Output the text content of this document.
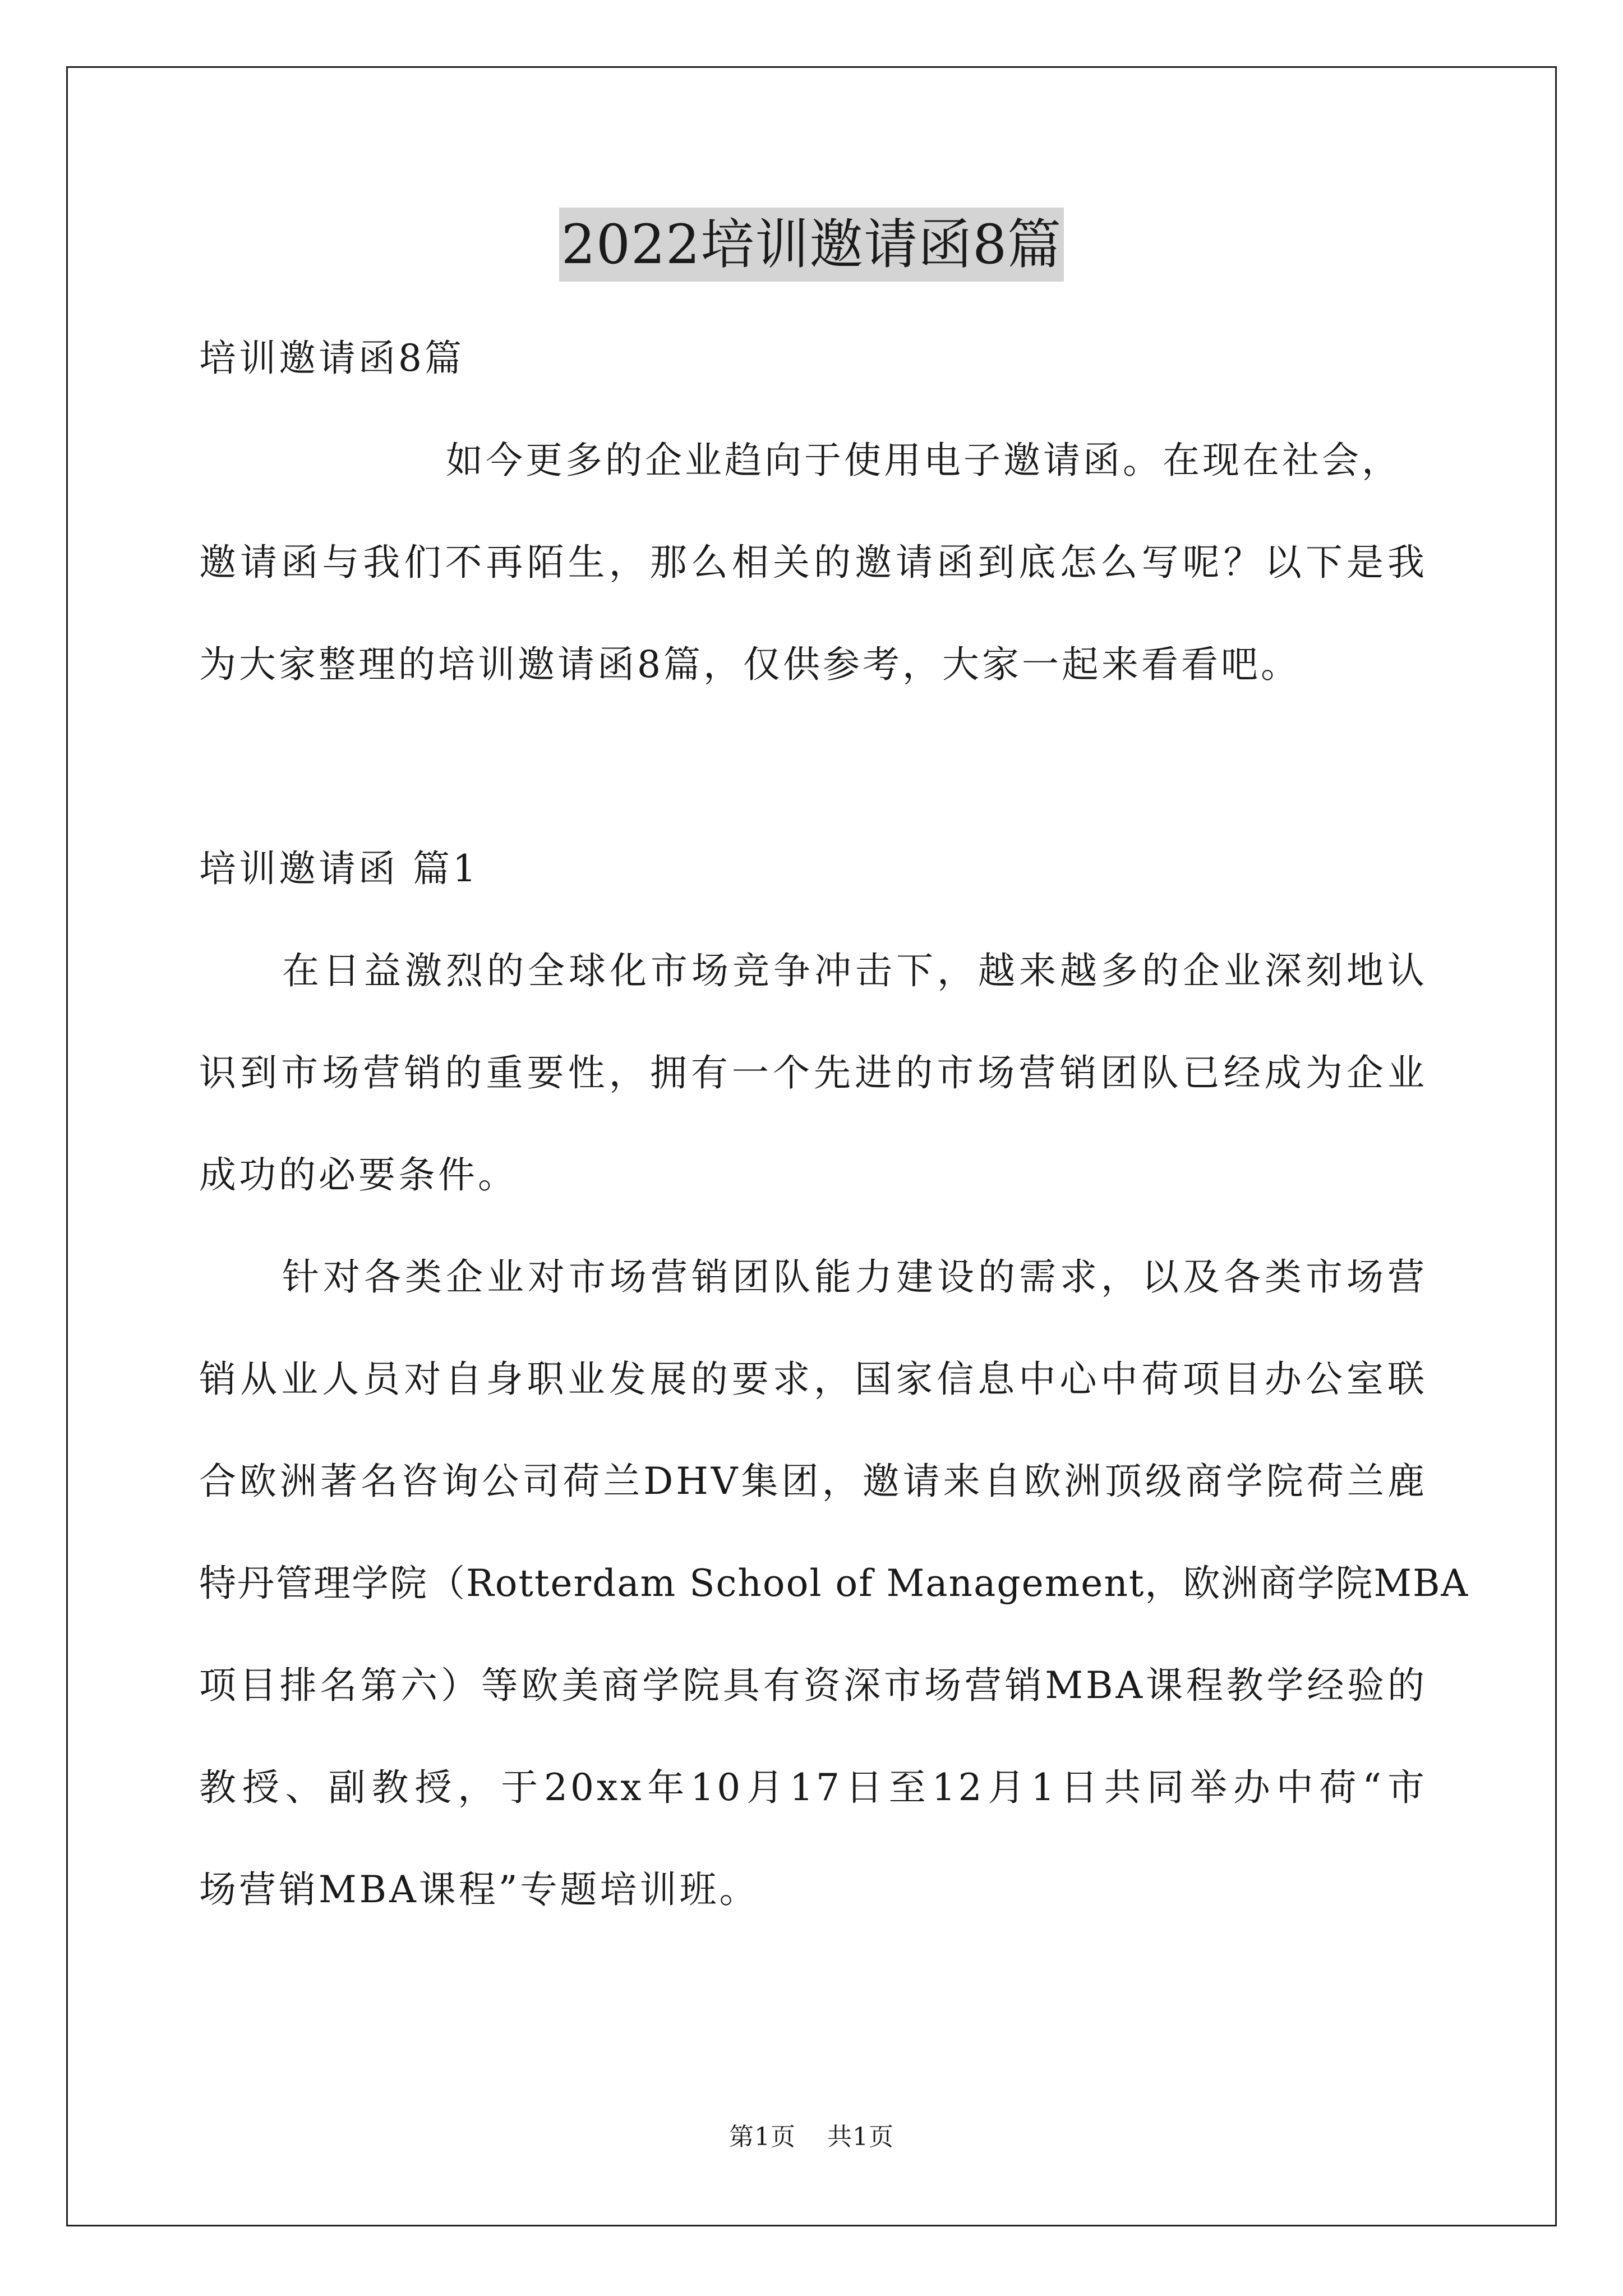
2022培训邀请函8篇
培训邀请函8篇
如今更多的企业趋向于使用电子邀请函。在现在社会，
邀请函与我们不再陌生，那么相关的邀请函到底怎么写呢？以下是我
为大家整理的培训邀请函8篇，仅供参考，大家一起来看看吧。
培训邀请函 篇1
在日益激烈的全球化市场竞争冲击下，越来越多的企业深刻地认
识到市场营销的重要性，拥有一个先进的市场营销团队已经成为企业
成功的必要条件。
针对各类企业对市场营销团队能力建设的需求，以及各类市场营
销从业人员对自身职业发展的要求，国家信息中心中荷项目办公室联
合欧洲著名咨询公司荷兰DHV集团，邀请来自欧洲顶级商学院荷兰鹿
特丹管理学院（Rotterdam School of Management，欧洲商学院MBA
项目排名第六）等欧美商学院具有资深市场营销MBA课程教学经验的
教授、副教授，于20xx年10月17日至12月1日共同举办中荷“市
场营销MBA课程”专题培训班。
第1页 共1页
